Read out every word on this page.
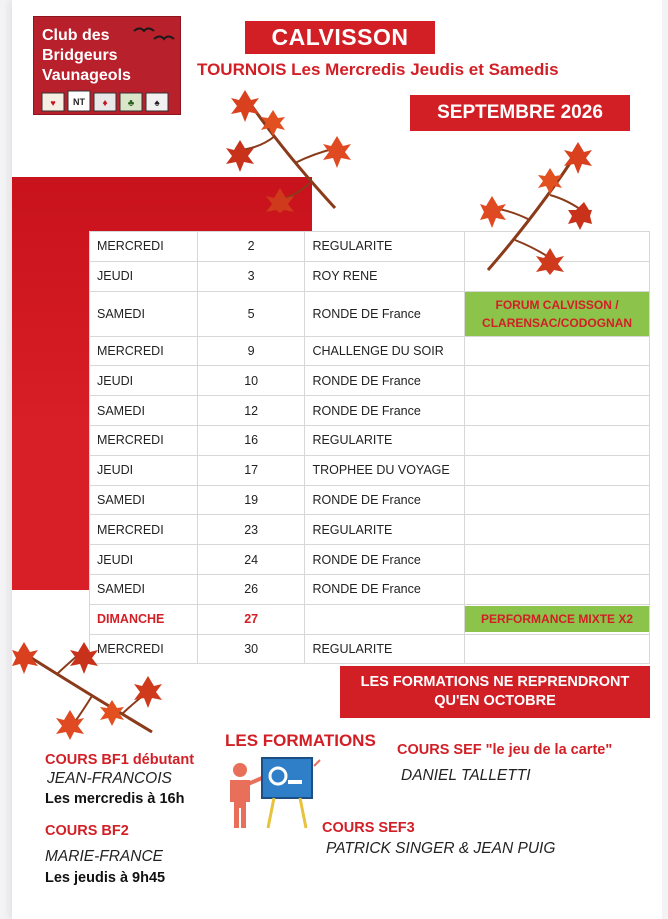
Club des
Bridgeurs
Vaunageols
♥ NT ♦ ♣ ♠
CALVISSON
TOURNOIS Les Mercredis Jeudis et Samedis
SEPTEMBRE 2026
MERCREDI	2	REGULARITE	
JEUDI	3	ROY RENE	
SAMEDI	5	RONDE DE France	FORUM CALVISSON / CLARENSAC/CODOGNAN

MERCREDI	9	CHALLENGE DU SOIR	
JEUDI	10	RONDE DE France	
SAMEDI	12	RONDE DE France	
MERCREDI	16	REGULARITE	
JEUDI	17	TROPHEE DU VOYAGE	
SAMEDI	19	RONDE DE France	
MERCREDI	23	REGULARITE	
JEUDI	24	RONDE DE France	
SAMEDI	26	RONDE DE France	
DIMANCHE	27		PERFORMANCE MIXTE X2

MERCREDI	30	REGULARITE	
LES FORMATIONS NE REPRENDRONT
QU'EN OCTOBRE
LES FORMATIONS
COURS BF1 débutant
JEAN-FRANCOIS
Les mercredis à 16h
COURS BF2
MARIE-FRANCE
Les jeudis à 9h45
COURS SEF "le jeu de la carte"
DANIEL TALLETTI
COURS SEF3
PATRICK SINGER & JEAN PUIG
